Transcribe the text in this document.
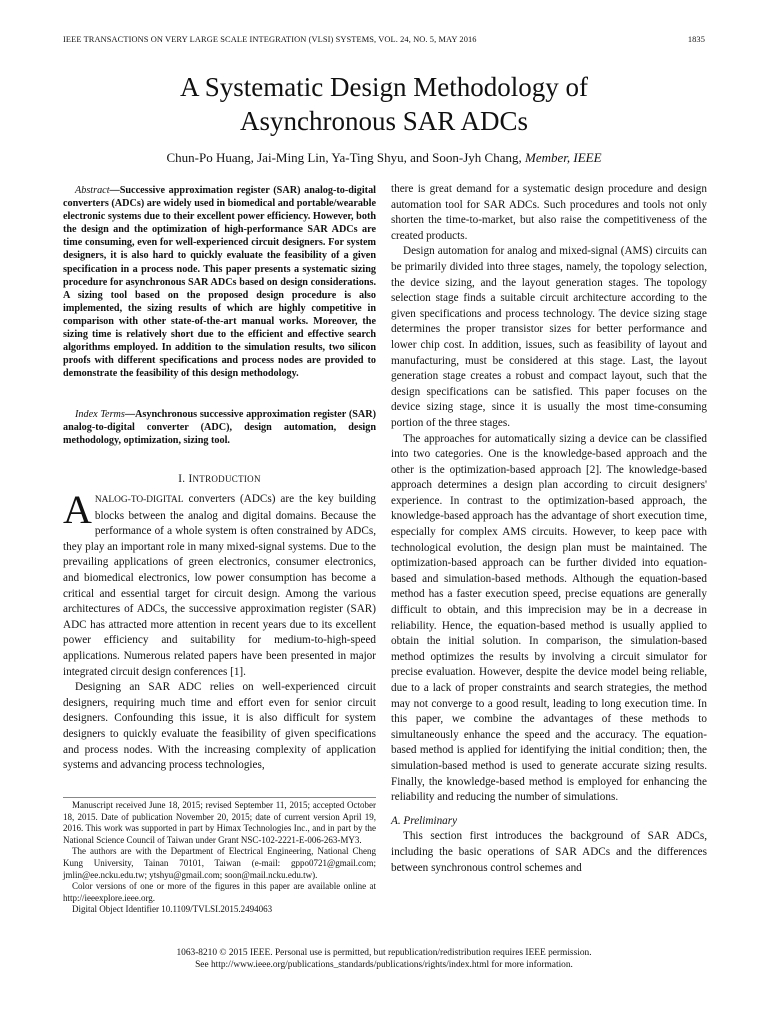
IEEE TRANSACTIONS ON VERY LARGE SCALE INTEGRATION (VLSI) SYSTEMS, VOL. 24, NO. 5, MAY 2016	1835
A Systematic Design Methodology of
Asynchronous SAR ADCs
Chun-Po Huang, Jai-Ming Lin, Ya-Ting Shyu, and Soon-Jyh Chang, Member, IEEE

Abstract—Successive approximation register (SAR) analog-to-digital converters (ADCs) are widely used in biomedical and portable/wearable electronic systems due to their excellent power efficiency. However, both the design and the optimization of high-performance SAR ADCs are time consuming, even for well-experienced circuit designers. For system designers, it is also hard to quickly evaluate the feasibility of a given specification in a process node. This paper presents a systematic sizing procedure for asynchronous SAR ADCs based on design considerations. A sizing tool based on the proposed design procedure is also implemented, the sizing results of which are highly competitive in comparison with other state-of-the-art manual works. Moreover, the sizing time is relatively short due to the efficient and effective search algorithms employed. In addition to the simulation results, two silicon proofs with different specifications and process nodes are provided to demonstrate the feasibility of this design methodology.

Index Terms—Asynchronous successive approximation register (SAR) analog-to-digital converter (ADC), design automation, design methodology, optimization, sizing tool.

I. INTRODUCTION

ANALOG-TO-DIGITAL converters (ADCs) are the key building blocks between the analog and digital domains. Because the performance of a whole system is often constrained by ADCs, they play an important role in many mixed-signal systems. Due to the prevailing applications of green electronics, consumer electronics, and biomedical electronics, low power consumption has become a critical and essential target for circuit design. Among the various architectures of ADCs, the successive approximation register (SAR) ADC has attracted more attention in recent years due to its excellent power efficiency and suitability for medium-to-high-speed applications. Numerous related papers have been presented in major integrated circuit design conferences [1].

Designing an SAR ADC relies on well-experienced circuit designers, requiring much time and effort even for senior circuit designers. Confounding this issue, it is also difficult for system designers to quickly evaluate the feasibility of given specifications and process nodes. With the increasing complexity of application systems and advancing process technologies,

Manuscript received June 18, 2015; revised September 11, 2015; accepted October 18, 2015. Date of publication November 20, 2015; date of current version April 19, 2016. This work was supported in part by Himax Technologies Inc., and in part by the National Science Council of Taiwan under Grant NSC-102-2221-E-006-263-MY3.

The authors are with the Department of Electrical Engineering, National Cheng Kung University, Tainan 70101, Taiwan (e-mail: gppo0721@gmail.com; jmlin@ee.ncku.edu.tw; ytshyu@gmail.com; soon@mail.ncku.edu.tw).

Color versions of one or more of the figures in this paper are available online at http://ieeexplore.ieee.org.

Digital Object Identifier 10.1109/TVLSI.2015.2494063

there is great demand for a systematic design procedure and design automation tool for SAR ADCs. Such procedures and tools not only shorten the time-to-market, but also raise the competitiveness of the created products.

Design automation for analog and mixed-signal (AMS) circuits can be primarily divided into three stages, namely, the topology selection, the device sizing, and the layout generation stages. The topology selection stage finds a suitable circuit architecture according to the given specifications and process technology. The device sizing stage determines the proper transistor sizes for better performance and lower chip cost. In addition, issues, such as feasibility of layout and manufacturing, must be considered at this stage. Last, the layout generation stage creates a robust and compact layout, such that the design specifications can be satisfied. This paper focuses on the device sizing stage, since it is usually the most time-consuming portion of the three stages.

The approaches for automatically sizing a device can be classified into two categories. One is the knowledge-based approach and the other is the optimization-based approach [2]. The knowledge-based approach determines a design plan according to circuit designers' experience. In contrast to the optimization-based approach, the knowledge-based approach has the advantage of short execution time, especially for complex AMS circuits. However, to keep pace with technological evolution, the design plan must be maintained. The optimization-based approach can be further divided into equation-based and simulation-based methods. Although the equation-based method has a faster execution speed, precise equations are generally difficult to obtain, and this imprecision may be in a decrease in reliability. Hence, the equation-based method is usually applied to obtain the initial solution. In comparison, the simulation-based method optimizes the results by involving a circuit simulator for precise evaluation. However, despite the device model being reliable, due to a lack of proper constraints and search strategies, the method may not converge to a good result, leading to long execution time. In this paper, we combine the advantages of these methods to simultaneously enhance the speed and the accuracy. The equation-based method is applied for identifying the initial condition; then, the simulation-based method is used to generate accurate sizing results. Finally, the knowledge-based method is employed for enhancing the reliability and reducing the number of simulations.

A. Preliminary

This section first introduces the background of SAR ADCs, including the basic operations of SAR ADCs and the differences between synchronous control schemes and

1063-8210 © 2015 IEEE. Personal use is permitted, but republication/redistribution requires IEEE permission.
See http://www.ieee.org/publications_standards/publications/rights/index.html for more information.
